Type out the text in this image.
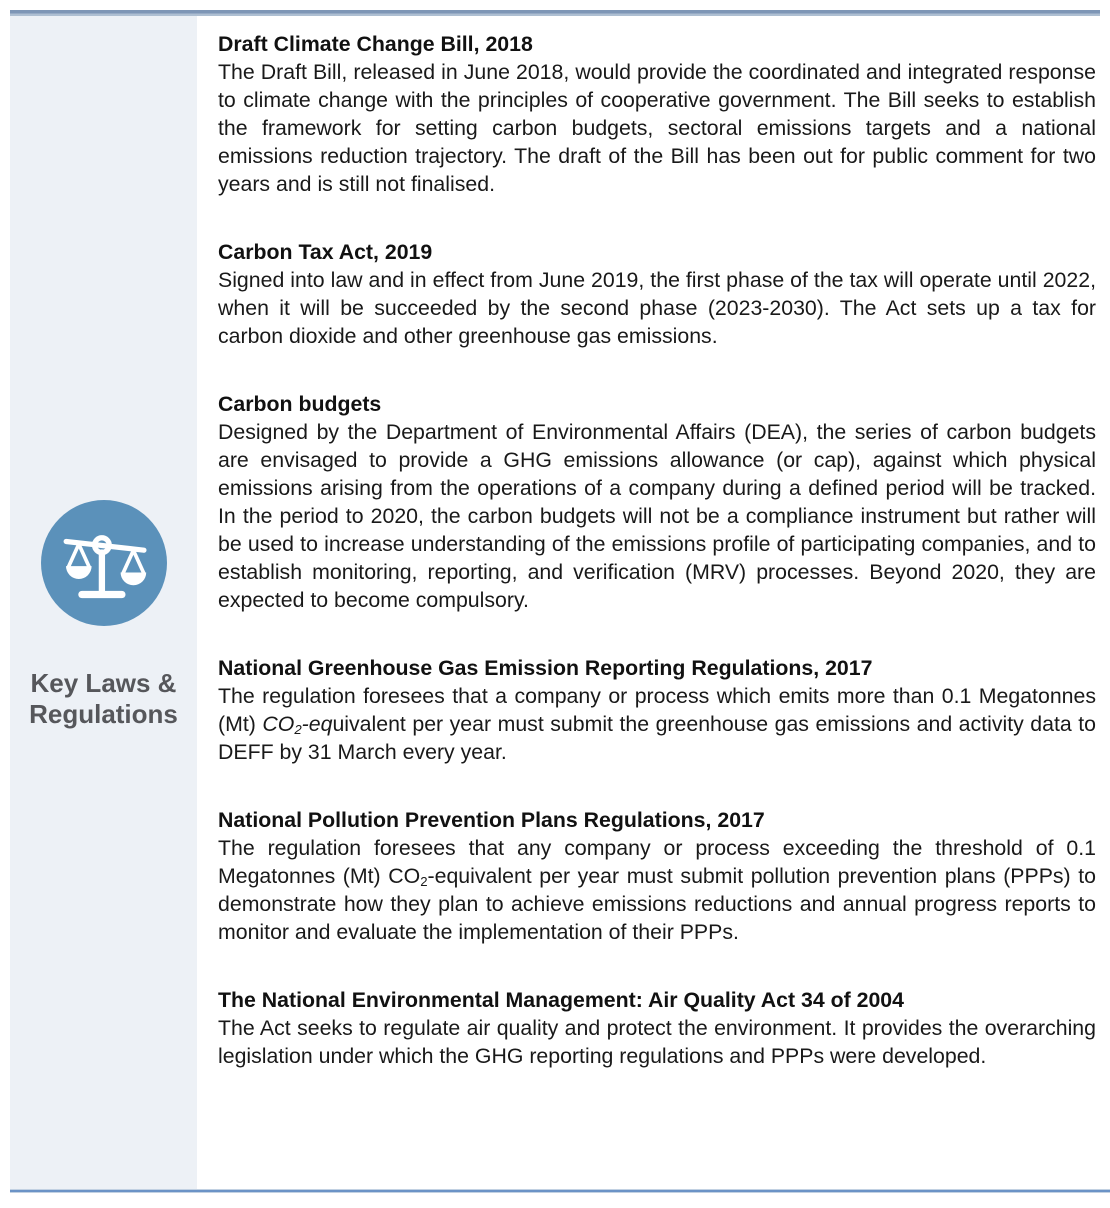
Key Laws & Regulations
Draft Climate Change Bill, 2018

The Draft Bill, released in June 2018, would provide the coordinated and integrated response to climate change with the principles of cooperative government. The Bill seeks to establish the framework for setting carbon budgets, sectoral emissions targets and a national emissions reduction trajectory. The draft of the Bill has been out for public comment for two years and is still not finalised.

Carbon Tax Act, 2019

Signed into law and in effect from June 2019, the first phase of the tax will operate until 2022, when it will be succeeded by the second phase (2023-2030). The Act sets up a tax for carbon dioxide and other greenhouse gas emissions.

Carbon budgets

Designed by the Department of Environmental Affairs (DEA), the series of carbon budgets are envisaged to provide a GHG emissions allowance (or cap), against which physical emissions arising from the operations of a company during a defined period will be tracked. In the period to 2020, the carbon budgets will not be a compliance instrument but rather will be used to increase understanding of the emissions profile of participating companies, and to establish monitoring, reporting, and verification (MRV) processes. Beyond 2020, they are expected to become compulsory.

National Greenhouse Gas Emission Reporting Regulations, 2017

The regulation foresees that a company or process which emits more than 0.1 Megatonnes (Mt) $CO_2$-equivalent per year must submit the greenhouse gas emissions and activity data to DEFF by 31 March every year.

National Pollution Prevention Plans Regulations, 2017

The regulation foresees that any company or process exceeding the threshold of 0.1 Megatonnes (Mt) $CO_2$-equivalent per year must submit pollution prevention plans (PPPs) to demonstrate how they plan to achieve emissions reductions and annual progress reports to monitor and evaluate the implementation of their PPPs.

The National Environmental Management: Air Quality Act 34 of 2004

The Act seeks to regulate air quality and protect the environment. It provides the overarching legislation under which the GHG reporting regulations and PPPs were developed.
